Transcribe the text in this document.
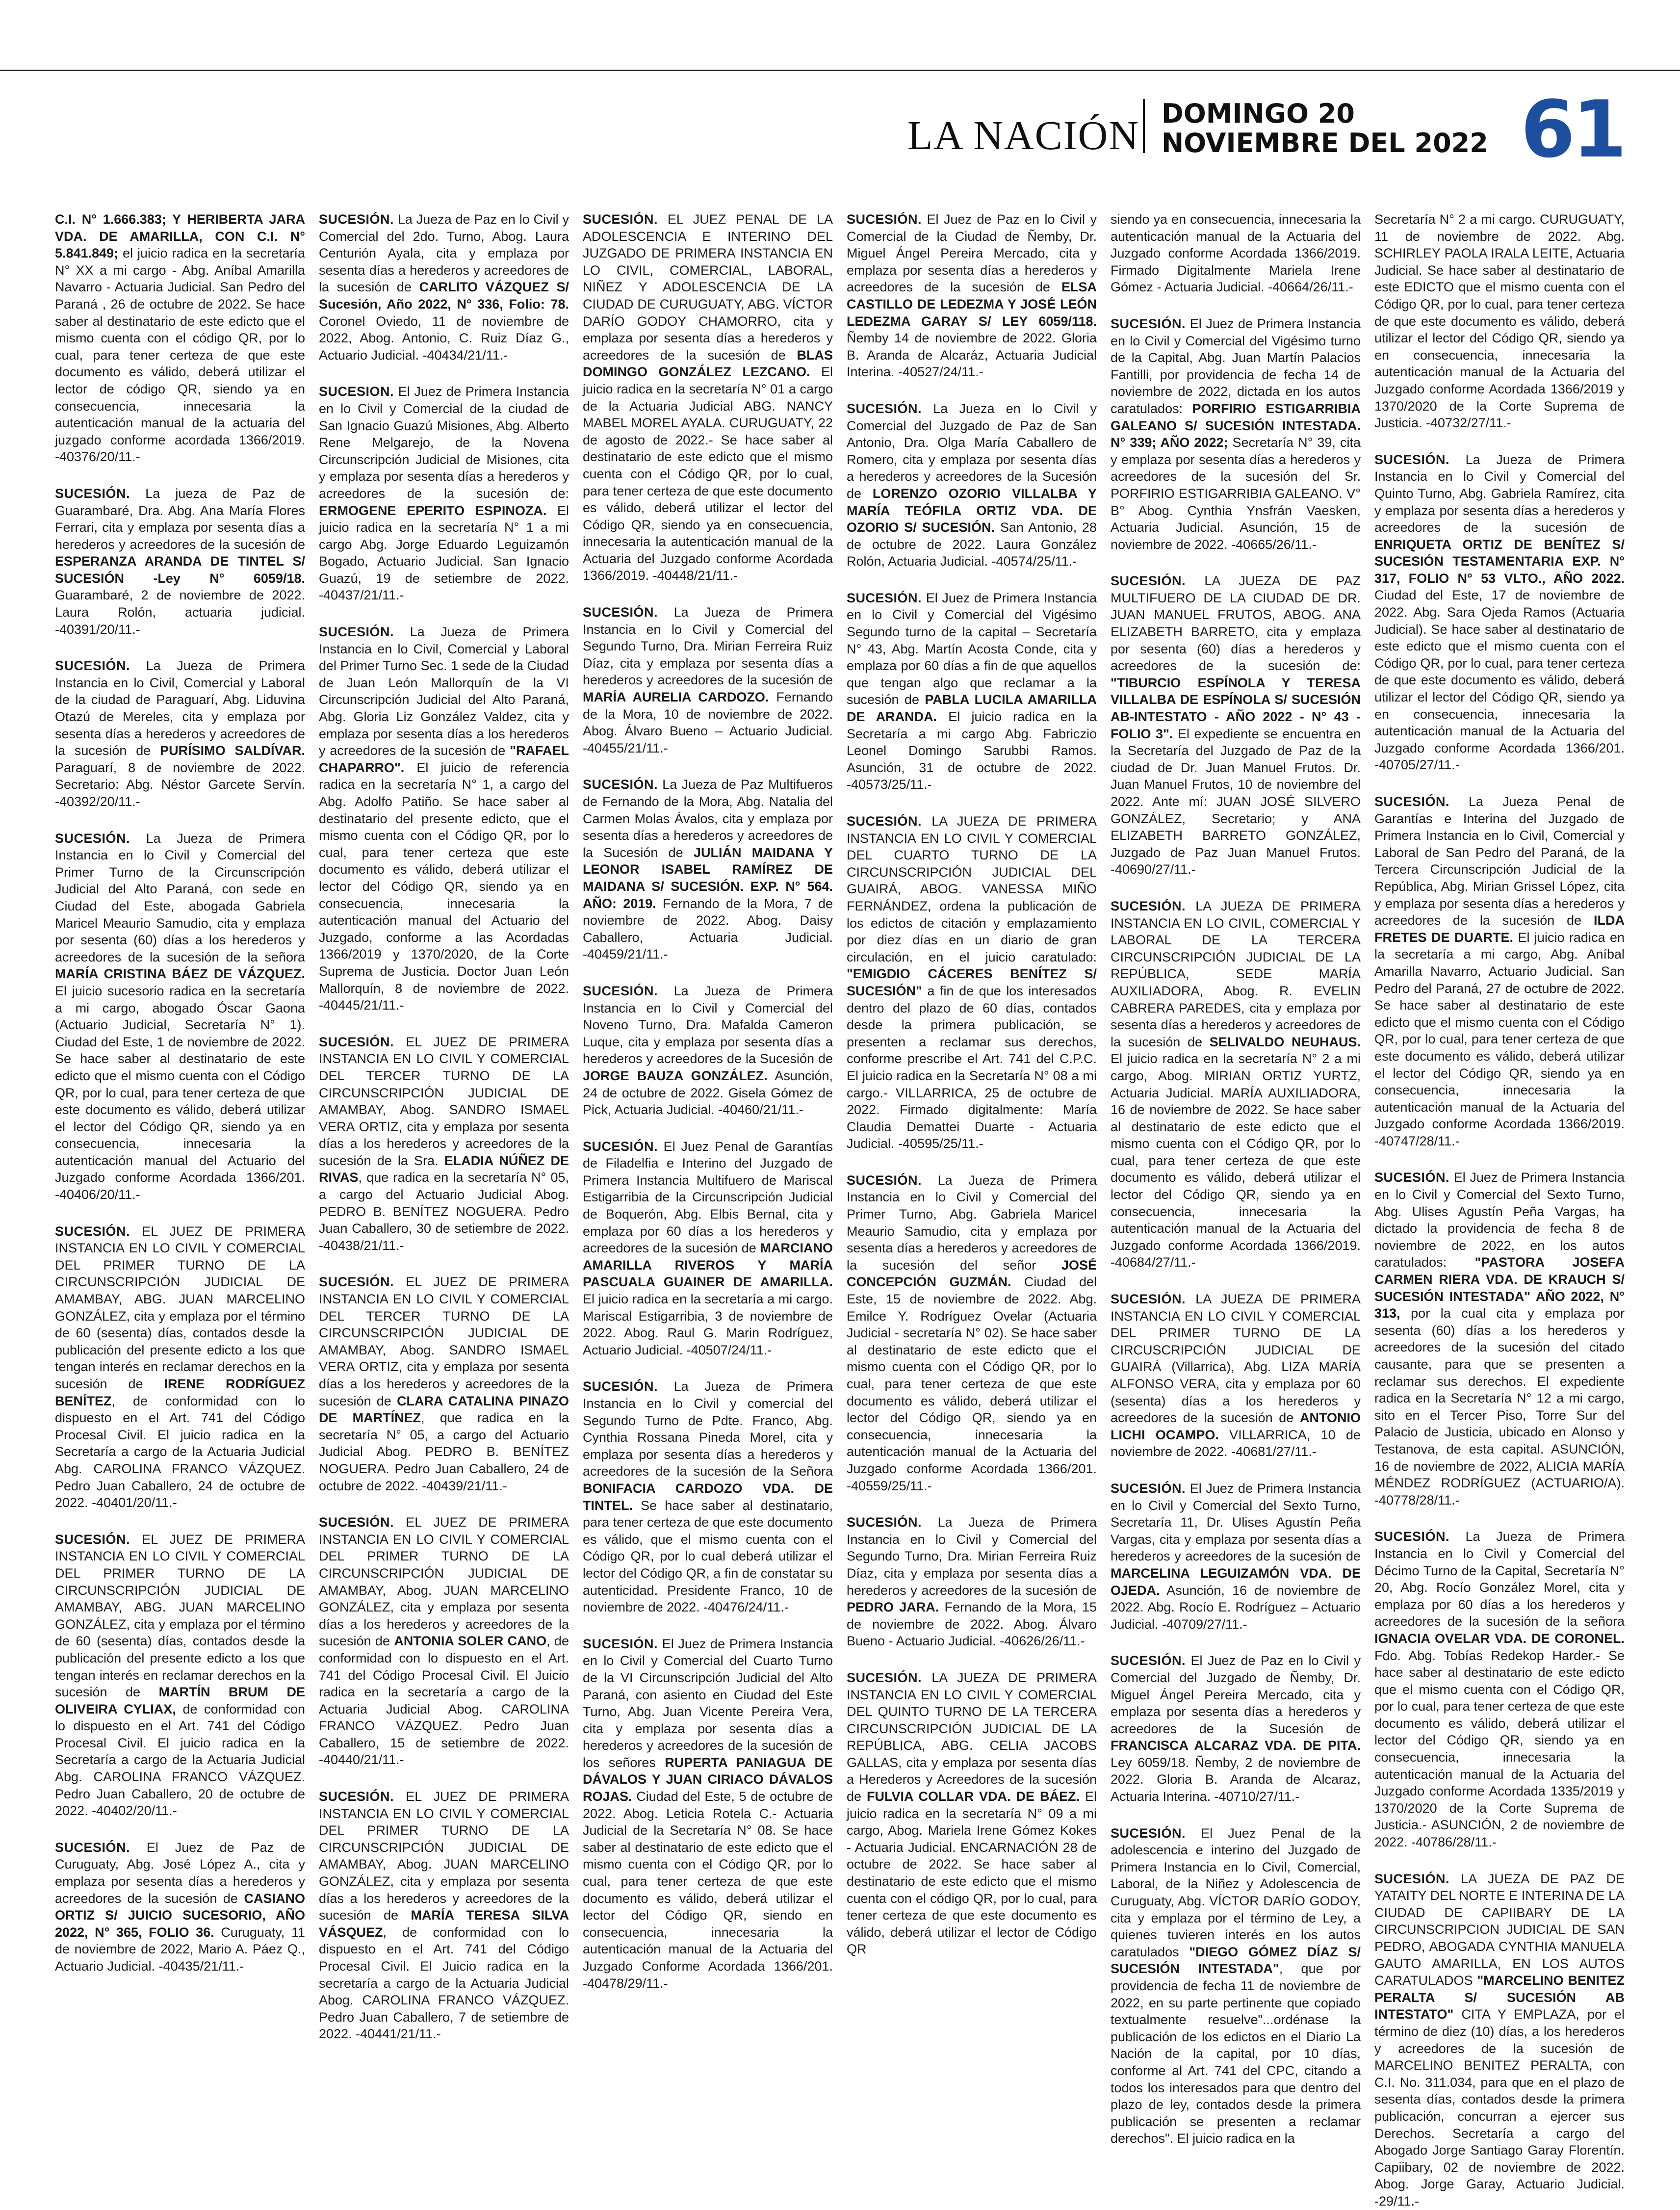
LA NACIÓN DOMINGO 20
NOVIEMBRE DEL 2022 61

C.I. N° 1.666.383; Y HERIBERTA JARA VDA. DE AMARILLA, CON C.I. N° 5.841.849; el juicio radica en la secretaría N° XX a mi cargo - Abg. Aníbal Amarilla Navarro - Actuaria Judicial. San Pedro del Paraná , 26 de octubre de 2022. Se hace saber al destinatario de este edicto que el mismo cuenta con el código QR, por lo cual, para tener certeza de que este documento es válido, deberá utilizar el lector de código QR, siendo ya en consecuencia, innecesaria la autenticación manual de la actuaria del juzgado conforme acordada 1366/2019. -40376/20/11.-

SUCESIÓN. La jueza de Paz de Guarambaré, Dra. Abg. Ana María Flores Ferrari, cita y emplaza por sesenta días a herederos y acreedores de la sucesión de ESPERANZA ARANDA DE TINTEL S/ SUCESIÓN -Ley N° 6059/18. Guarambaré, 2 de noviembre de 2022. Laura Rolón, actuaria judicial. -40391/20/11.-

SUCESIÓN. La Jueza de Primera Instancia en lo Civil, Comercial y Laboral de la ciudad de Paraguarí, Abg. Liduvina Otazú de Mereles, cita y emplaza por sesenta días a herederos y acreedores de la sucesión de PURÍSIMO SALDÍVAR. Paraguarí, 8 de noviembre de 2022. Secretario: Abg. Néstor Garcete Servín. -40392/20/11.-

SUCESIÓN. La Jueza de Primera Instancia en lo Civil y Comercial del Primer Turno de la Circunscripción Judicial del Alto Paraná, con sede en Ciudad del Este, abogada Gabriela Maricel Meaurio Samudio, cita y emplaza por sesenta (60) días a los herederos y acreedores de la sucesión de la señora MARÍA CRISTINA BÁEZ DE VÁZQUEZ. El juicio sucesorio radica en la secretaría a mi cargo, abogado Óscar Gaona (Actuario Judicial, Secretaría N° 1). Ciudad del Este, 1 de noviembre de 2022. Se hace saber al destinatario de este edicto que el mismo cuenta con el Código QR, por lo cual, para tener certeza de que este documento es válido, deberá utilizar el lector del Código QR, siendo ya en consecuencia, innecesaria la autenticación manual del Actuario del Juzgado conforme Acordada 1366/201. -40406/20/11.-

SUCESIÓN. EL JUEZ DE PRIMERA INSTANCIA EN LO CIVIL Y COMERCIAL DEL PRIMER TURNO DE LA CIRCUNSCRIPCIÓN JUDICIAL DE AMAMBAY, ABG. JUAN MARCELINO GONZÁLEZ, cita y emplaza por el término de 60 (sesenta) días, contados desde la publicación del presente edicto a los que tengan interés en reclamar derechos en la sucesión de IRENE RODRÍGUEZ BENÍTEZ, de conformidad con lo dispuesto en el Art. 741 del Código Procesal Civil. El juicio radica en la Secretaría a cargo de la Actuaria Judicial Abg. CAROLINA FRANCO VÁZQUEZ. Pedro Juan Caballero, 24 de octubre de 2022. -40401/20/11.-

SUCESIÓN. EL JUEZ DE PRIMERA INSTANCIA EN LO CIVIL Y COMERCIAL DEL PRIMER TURNO DE LA CIRCUNSCRIPCIÓN JUDICIAL DE AMAMBAY, ABG. JUAN MARCELINO GONZÁLEZ, cita y emplaza por el término de 60 (sesenta) días, contados desde la publicación del presente edicto a los que tengan interés en reclamar derechos en la sucesión de MARTÍN BRUM DE OLIVEIRA CYLIAX, de conformidad con lo dispuesto en el Art. 741 del Código Procesal Civil. El juicio radica en la Secretaría a cargo de la Actuaria Judicial Abg. CAROLINA FRANCO VÁZQUEZ. Pedro Juan Caballero, 20 de octubre de 2022. -40402/20/11.-

SUCESIÓN. El Juez de Paz de Curuguaty, Abg. José López A., cita y emplaza por sesenta días a herederos y acreedores de la sucesión de CASIANO ORTIZ S/ JUICIO SUCESORIO, AÑO 2022, N° 365, FOLIO 36. Curuguaty, 11 de noviembre de 2022, Mario A. Páez Q., Actuario Judicial. -40435/21/11.-

SUCESIÓN. La Jueza de Paz en lo Civil y Comercial del 2do. Turno, Abog. Laura Centurión Ayala, cita y emplaza por sesenta días a herederos y acreedores de la sucesión de CARLITO VÁZQUEZ S/ Sucesión, Año 2022, N° 336, Folio: 78. Coronel Oviedo, 11 de noviembre de 2022, Abog. Antonio, C. Ruiz Díaz G., Actuario Judicial. -40434/21/11.-

SUCESION. El Juez de Primera Instancia en lo Civil y Comercial de la ciudad de San Ignacio Guazú Misiones, Abg. Alberto Rene Melgarejo, de la Novena Circunscripción Judicial de Misiones, cita y emplaza por sesenta días a herederos y acreedores de la sucesión de: ERMOGENE EPERITO ESPINOZA. El juicio radica en la secretaría N° 1 a mi cargo Abg. Jorge Eduardo Leguizamón Bogado, Actuario Judicial. San Ignacio Guazú, 19 de setiembre de 2022. -40437/21/11.-

SUCESIÓN. La Jueza de Primera Instancia en lo Civil, Comercial y Laboral del Primer Turno Sec. 1 sede de la Ciudad de Juan León Mallorquín de la VI Circunscripción Judicial del Alto Paraná, Abg. Gloria Liz González Valdez, cita y emplaza por sesenta días a los herederos y acreedores de la sucesión de "RAFAEL CHAPARRO". El juicio de referencia radica en la secretaría N° 1, a cargo del Abg. Adolfo Patiño. Se hace saber al destinatario del presente edicto, que el mismo cuenta con el Código QR, por lo cual, para tener certeza que este documento es válido, deberá utilizar el lector del Código QR, siendo ya en consecuencia, innecesaria la autenticación manual del Actuario del Juzgado, conforme a las Acordadas 1366/2019 y 1370/2020, de la Corte Suprema de Justicia. Doctor Juan León Mallorquín, 8 de noviembre de 2022. -40445/21/11.-

SUCESIÓN. EL JUEZ DE PRIMERA INSTANCIA EN LO CIVIL Y COMERCIAL DEL TERCER TURNO DE LA CIRCUNSCRIPCIÓN JUDICIAL DE AMAMBAY, Abog. SANDRO ISMAEL VERA ORTIZ, cita y emplaza por sesenta días a los herederos y acreedores de la sucesión de la Sra. ELADIA NÚÑEZ DE RIVAS, que radica en la secretaría N° 05, a cargo del Actuario Judicial Abog. PEDRO B. BENÍTEZ NOGUERA. Pedro Juan Caballero, 30 de setiembre de 2022. -40438/21/11.-

SUCESIÓN. EL JUEZ DE PRIMERA INSTANCIA EN LO CIVIL Y COMERCIAL DEL TERCER TURNO DE LA CIRCUNSCRIPCIÓN JUDICIAL DE AMAMBAY, Abog. SANDRO ISMAEL VERA ORTIZ, cita y emplaza por sesenta días a los herederos y acreedores de la sucesión de CLARA CATALINA PINAZO DE MARTÍNEZ, que radica en la secretaría N° 05, a cargo del Actuario Judicial Abog. PEDRO B. BENÍTEZ NOGUERA. Pedro Juan Caballero, 24 de octubre de 2022. -40439/21/11.-

SUCESIÓN. EL JUEZ DE PRIMERA INSTANCIA EN LO CIVIL Y COMERCIAL DEL PRIMER TURNO DE LA CIRCUNSCRIPCIÓN JUDICIAL DE AMAMBAY, Abog. JUAN MARCELINO GONZÁLEZ, cita y emplaza por sesenta días a los herederos y acreedores de la sucesión de ANTONIA SOLER CANO, de conformidad con lo dispuesto en el Art. 741 del Código Procesal Civil. El Juicio radica en la secretaría a cargo de la Actuaria Judicial Abog. CAROLINA FRANCO VÁZQUEZ. Pedro Juan Caballero, 15 de setiembre de 2022. -40440/21/11.-

SUCESIÓN. EL JUEZ DE PRIMERA INSTANCIA EN LO CIVIL Y COMERCIAL DEL PRIMER TURNO DE LA CIRCUNSCRIPCIÓN JUDICIAL DE AMAMBAY, Abog. JUAN MARCELINO GONZÁLEZ, cita y emplaza por sesenta días a los herederos y acreedores de la sucesión de MARÍA TERESA SILVA VÁSQUEZ, de conformidad con lo dispuesto en el Art. 741 del Código Procesal Civil. El Juicio radica en la secretaría a cargo de la Actuaria Judicial Abog. CAROLINA FRANCO VÁZQUEZ. Pedro Juan Caballero, 7 de setiembre de 2022. -40441/21/11.-

SUCESIÓN. EL JUEZ PENAL DE LA ADOLESCENCIA E INTERINO DEL JUZGADO DE PRIMERA INSTANCIA EN LO CIVIL, COMERCIAL, LABORAL, NIÑEZ Y ADOLESCENCIA DE LA CIUDAD DE CURUGUATY, ABG. VÍCTOR DARÍO GODOY CHAMORRO, cita y emplaza por sesenta días a herederos y acreedores de la sucesión de BLAS DOMINGO GONZÁLEZ LEZCANO. El juicio radica en la secretaría N° 01 a cargo de la Actuaria Judicial ABG. NANCY MABEL MOREL AYALA. CURUGUATY, 22 de agosto de 2022.- Se hace saber al destinatario de este edicto que el mismo cuenta con el Código QR, por lo cual, para tener certeza de que este documento es válido, deberá utilizar el lector del Código QR, siendo ya en consecuencia, innecesaria la autenticación manual de la Actuaria del Juzgado conforme Acordada 1366/2019. -40448/21/11.-

SUCESIÓN. La Jueza de Primera Instancia en lo Civil y Comercial del Segundo Turno, Dra. Mirian Ferreira Ruiz Díaz, cita y emplaza por sesenta días a herederos y acreedores de la sucesión de MARÍA AURELIA CARDOZO. Fernando de la Mora, 10 de noviembre de 2022. Abog. Álvaro Bueno – Actuario Judicial. -40455/21/11.-

SUCESIÓN. La Jueza de Paz Multifueros de Fernando de la Mora, Abg. Natalia del Carmen Molas Ávalos, cita y emplaza por sesenta días a herederos y acreedores de la Sucesión de JULIÁN MAIDANA Y LEONOR ISABEL RAMÍREZ DE MAIDANA S/ SUCESIÓN. EXP. N° 564. AÑO: 2019. Fernando de la Mora, 7 de noviembre de 2022. Abog. Daisy Caballero, Actuaria Judicial. -40459/21/11.-

SUCESIÓN. La Jueza de Primera Instancia en lo Civil y Comercial del Noveno Turno, Dra. Mafalda Cameron Luque, cita y emplaza por sesenta días a herederos y acreedores de la Sucesión de JORGE BAUZA GONZÁLEZ. Asunción, 24 de octubre de 2022. Gisela Gómez de Pick, Actuaria Judicial. -40460/21/11.-

SUCESIÓN. El Juez Penal de Garantías de Filadelfia e Interino del Juzgado de Primera Instancia Multifuero de Mariscal Estigarribia de la Circunscripción Judicial de Boquerón, Abg. Elbis Bernal, cita y emplaza por 60 días a los herederos y acreedores de la sucesión de MARCIANO AMARILLA RIVEROS Y MARÍA PASCUALA GUAINER DE AMARILLA. El juicio radica en la secretaría a mi cargo. Mariscal Estigarribia, 3 de noviembre de 2022. Abog. Raul G. Marin Rodríguez, Actuario Judicial. -40507/24/11.-

SUCESIÓN. La Jueza de Primera Instancia en lo Civil y comercial del Segundo Turno de Pdte. Franco, Abg. Cynthia Rossana Pineda Morel, cita y emplaza por sesenta días a herederos y acreedores de la sucesión de la Señora BONIFACIA CARDOZO VDA. DE TINTEL. Se hace saber al destinatario, para tener certeza de que este documento es válido, que el mismo cuenta con el Código QR, por lo cual deberá utilizar el lector del Código QR, a fin de constatar su autenticidad. Presidente Franco, 10 de noviembre de 2022. -40476/24/11.-

SUCESIÓN. El Juez de Primera Instancia en lo Civil y Comercial del Cuarto Turno de la VI Circunscripción Judicial del Alto Paraná, con asiento en Ciudad del Este Turno, Abg. Juan Vicente Pereira Vera, cita y emplaza por sesenta días a herederos y acreedores de la sucesión de los señores RUPERTA PANIAGUA DE DÁVALOS Y JUAN CIRIACO DÁVALOS ROJAS. Ciudad del Este, 5 de octubre de 2022. Abog. Leticia Rotela C.- Actuaria Judicial de la Secretaría N° 08. Se hace saber al destinatario de este edicto que el mismo cuenta con el Código QR, por lo cual, para tener certeza de que este documento es válido, deberá utilizar el lector del Código QR, siendo en consecuencia, innecesaria la autenticación manual de la Actuaria del Juzgado Conforme Acordada 1366/201. -40478/29/11.-

SUCESIÓN. El Juez de Paz en lo Civil y Comercial de la Ciudad de Ñemby, Dr. Miguel Ángel Pereira Mercado, cita y emplaza por sesenta días a herederos y acreedores de la sucesión de ELSA CASTILLO DE LEDEZMA Y JOSÉ LEÓN LEDEZMA GARAY S/ LEY 6059/118. Ñemby 14 de noviembre de 2022. Gloria B. Aranda de Alcaráz, Actuaria Judicial Interina. -40527/24/11.-

SUCESIÓN. La Jueza en lo Civil y Comercial del Juzgado de Paz de San Antonio, Dra. Olga María Caballero de Romero, cita y emplaza por sesenta días a herederos y acreedores de la Sucesión de LORENZO OZORIO VILLALBA Y MARÍA TEÓFILA ORTIZ VDA. DE OZORIO S/ SUCESIÓN. San Antonio, 28 de octubre de 2022. Laura González Rolón, Actuaria Judicial. -40574/25/11.-

SUCESIÓN. El Juez de Primera Instancia en lo Civil y Comercial del Vigésimo Segundo turno de la capital – Secretaría N° 43, Abg. Martín Acosta Conde, cita y emplaza por 60 días a fin de que aquellos que tengan algo que reclamar a la sucesión de PABLA LUCILA AMARILLA DE ARANDA. El juicio radica en la Secretaría a mi cargo Abg. Fabriczio Leonel Domingo Sarubbi Ramos. Asunción, 31 de octubre de 2022. -40573/25/11.-

SUCESIÓN. LA JUEZA DE PRIMERA INSTANCIA EN LO CIVIL Y COMERCIAL DEL CUARTO TURNO DE LA CIRCUNSCRIPCIÓN JUDICIAL DEL GUAIRÁ, ABOG. VANESSA MIÑO FERNÁNDEZ, ordena la publicación de los edictos de citación y emplazamiento por diez días en un diario de gran circulación, en el juicio caratulado: "EMIGDIO CÁCERES BENÍTEZ S/ SUCESIÓN" a fin de que los interesados dentro del plazo de 60 días, contados desde la primera publicación, se presenten a reclamar sus derechos, conforme prescribe el Art. 741 del C.P.C. El juicio radica en la Secretaría N° 08 a mi cargo.- VILLARRICA, 25 de octubre de 2022. Firmado digitalmente: María Claudia Demattei Duarte - Actuaria Judicial. -40595/25/11.-

SUCESIÓN. La Jueza de Primera Instancia en lo Civil y Comercial del Primer Turno, Abg. Gabriela Maricel Meaurio Samudio, cita y emplaza por sesenta días a herederos y acreedores de la sucesión del señor JOSÉ CONCEPCIÓN GUZMÁN. Ciudad del Este, 15 de noviembre de 2022. Abg. Emilce Y. Rodríguez Ovelar (Actuaria Judicial - secretaría N° 02). Se hace saber al destinatario de este edicto que el mismo cuenta con el Código QR, por lo cual, para tener certeza de que este documento es válido, deberá utilizar el lector del Código QR, siendo ya en consecuencia, innecesaria la autenticación manual de la Actuaria del Juzgado conforme Acordada 1366/201. -40559/25/11.-

SUCESIÓN. La Jueza de Primera Instancia en lo Civil y Comercial del Segundo Turno, Dra. Mirian Ferreira Ruiz Díaz, cita y emplaza por sesenta días a herederos y acreedores de la sucesión de PEDRO JARA. Fernando de la Mora, 15 de noviembre de 2022. Abog. Álvaro Bueno - Actuario Judicial. -40626/26/11.-

SUCESIÓN. LA JUEZA DE PRIMERA INSTANCIA EN LO CIVIL Y COMERCIAL DEL QUINTO TURNO DE LA TERCERA CIRCUNSCRIPCIÓN JUDICIAL DE LA REPÚBLICA, ABG. CELIA JACOBS GALLAS, cita y emplaza por sesenta días a Herederos y Acreedores de la sucesión de FULVIA COLLAR VDA. DE BÁEZ. El juicio radica en la secretaría N° 09 a mi cargo, Abog. Mariela Irene Gómez Kokes - Actuaria Judicial. ENCARNACIÓN 28 de octubre de 2022. Se hace saber al destinatario de este edicto que el mismo cuenta con el código QR, por lo cual, para tener certeza de que este documento es válido, deberá utilizar el lector de Código QR

siendo ya en consecuencia, innecesaria la autenticación manual de la Actuaria del Juzgado conforme Acordada 1366/2019. Firmado Digitalmente Mariela Irene Gómez - Actuaria Judicial. -40664/26/11.-

SUCESIÓN. El Juez de Primera Instancia en lo Civil y Comercial del Vigésimo turno de la Capital, Abg. Juan Martín Palacios Fantilli, por providencia de fecha 14 de noviembre de 2022, dictada en los autos caratulados: PORFIRIO ESTIGARRIBIA GALEANO S/ SUCESIÓN INTESTADA. N° 339; AÑO 2022; Secretaría N° 39, cita y emplaza por sesenta días a herederos y acreedores de la sucesión del Sr. PORFIRIO ESTIGARRIBIA GALEANO. V° B° Abog. Cynthia Ynsfrán Vaesken, Actuaria Judicial. Asunción, 15 de noviembre de 2022. -40665/26/11.-

SUCESIÓN. LA JUEZA DE PAZ MULTIFUERO DE LA CIUDAD DE DR. JUAN MANUEL FRUTOS, ABOG. ANA ELIZABETH BARRETO, cita y emplaza por sesenta (60) días a herederos y acreedores de la sucesión de: "TIBURCIO ESPÍNOLA Y TERESA VILLALBA DE ESPÍNOLA S/ SUCESIÓN AB-INTESTATO - AÑO 2022 - N° 43 - FOLIO 3". El expediente se encuentra en la Secretaría del Juzgado de Paz de la ciudad de Dr. Juan Manuel Frutos. Dr. Juan Manuel Frutos, 10 de noviembre del 2022. Ante mí: JUAN JOSÉ SILVERO GONZÁLEZ, Secretario; y ANA ELIZABETH BARRETO GONZÁLEZ, Juzgado de Paz Juan Manuel Frutos. -40690/27/11.-

SUCESIÓN. LA JUEZA DE PRIMERA INSTANCIA EN LO CIVIL, COMERCIAL Y LABORAL DE LA TERCERA CIRCUNSCRIPCIÓN JUDICIAL DE LA REPÚBLICA, SEDE MARÍA AUXILIADORA, Abog. R. EVELIN CABRERA PAREDES, cita y emplaza por sesenta días a herederos y acreedores de la sucesión de SELIVALDO NEUHAUS. El juicio radica en la secretaría N° 2 a mi cargo, Abog. MIRIAN ORTIZ YURTZ, Actuaria Judicial. MARÍA AUXILIADORA, 16 de noviembre de 2022. Se hace saber al destinatario de este edicto que el mismo cuenta con el Código QR, por lo cual, para tener certeza de que este documento es válido, deberá utilizar el lector del Código QR, siendo ya en consecuencia, innecesaria la autenticación manual de la Actuaria del Juzgado conforme Acordada 1366/2019. -40684/27/11.-

SUCESIÓN. LA JUEZA DE PRIMERA INSTANCIA EN LO CIVIL Y COMERCIAL DEL PRIMER TURNO DE LA CIRCUSCRIPCIÓN JUDICIAL DE GUAIRÁ (Villarrica), Abg. LIZA MARÍA ALFONSO VERA, cita y emplaza por 60 (sesenta) días a los herederos y acreedores de la sucesión de ANTONIO LICHI OCAMPO. VILLARRICA, 10 de noviembre de 2022. -40681/27/11.-

SUCESIÓN. El Juez de Primera Instancia en lo Civil y Comercial del Sexto Turno, Secretaría 11, Dr. Ulises Agustín Peña Vargas, cita y emplaza por sesenta días a herederos y acreedores de la sucesión de MARCELINA LEGUIZAMÓN VDA. DE OJEDA. Asunción, 16 de noviembre de 2022. Abg. Rocío E. Rodríguez – Actuario Judicial. -40709/27/11.-

SUCESIÓN. El Juez de Paz en lo Civil y Comercial del Juzgado de Ñemby, Dr. Miguel Ángel Pereira Mercado, cita y emplaza por sesenta días a herederos y acreedores de la Sucesión de FRANCISCA ALCARAZ VDA. DE PITA. Ley 6059/18. Ñemby, 2 de noviembre de 2022. Gloria B. Aranda de Alcaraz, Actuaria Interina. -40710/27/11.-

SUCESIÓN. El Juez Penal de la adolescencia e interino del Juzgado de Primera Instancia en lo Civil, Comercial, Laboral, de la Niñez y Adolescencia de Curuguaty, Abg. VÍCTOR DARÍO GODOY, cita y emplaza por el término de Ley, a quienes tuvieren interés en los autos caratulados "DIEGO GÓMEZ DÍAZ S/ SUCESIÓN INTESTADA", que por providencia de fecha 11 de noviembre de 2022, en su parte pertinente que copiado textualmente resuelve"...ordénase la publicación de los edictos en el Diario La Nación de la capital, por 10 días, conforme al Art. 741 del CPC, citando a todos los interesados para que dentro del plazo de ley, contados desde la primera publicación se presenten a reclamar derechos". El juicio radica en la

Secretaría N° 2 a mi cargo. CURUGUATY, 11 de noviembre de 2022. Abg. SCHIRLEY PAOLA IRALA LEITE, Actuaria Judicial. Se hace saber al destinatario de este EDICTO que el mismo cuenta con el Código QR, por lo cual, para tener certeza de que este documento es válido, deberá utilizar el lector del Código QR, siendo ya en consecuencia, innecesaria la autenticación manual de la Actuaria del Juzgado conforme Acordada 1366/2019 y 1370/2020 de la Corte Suprema de Justicia. -40732/27/11.-

SUCESIÓN. La Jueza de Primera Instancia en lo Civil y Comercial del Quinto Turno, Abg. Gabriela Ramírez, cita y emplaza por sesenta días a herederos y acreedores de la sucesión de ENRIQUETA ORTIZ DE BENÍTEZ S/ SUCESIÓN TESTAMENTARIA EXP. N° 317, FOLIO N° 53 VLTO., AÑO 2022. Ciudad del Este, 17 de noviembre de 2022. Abg. Sara Ojeda Ramos (Actuaria Judicial). Se hace saber al destinatario de este edicto que el mismo cuenta con el Código QR, por lo cual, para tener certeza de que este documento es válido, deberá utilizar el lector del Código QR, siendo ya en consecuencia, innecesaria la autenticación manual de la Actuaria del Juzgado conforme Acordada 1366/201. -40705/27/11.-

SUCESIÓN. La Jueza Penal de Garantías e Interina del Juzgado de Primera Instancia en lo Civil, Comercial y Laboral de San Pedro del Paraná, de la Tercera Circunscripción Judicial de la República, Abg. Mirian Grissel López, cita y emplaza por sesenta días a herederos y acreedores de la sucesión de ILDA FRETES DE DUARTE. El juicio radica en la secretaría a mi cargo, Abg. Aníbal Amarilla Navarro, Actuario Judicial. San Pedro del Paraná, 27 de octubre de 2022. Se hace saber al destinatario de este edicto que el mismo cuenta con el Código QR, por lo cual, para tener certeza de que este documento es válido, deberá utilizar el lector del Código QR, siendo ya en consecuencia, innecesaria la autenticación manual de la Actuaria del Juzgado conforme Acordada 1366/2019. -40747/28/11.-

SUCESIÓN. El Juez de Primera Instancia en lo Civil y Comercial del Sexto Turno, Abg. Ulises Agustín Peña Vargas, ha dictado la providencia de fecha 8 de noviembre de 2022, en los autos caratulados: "PASTORA JOSEFA CARMEN RIERA VDA. DE KRAUCH S/ SUCESIÓN INTESTADA" AÑO 2022, N° 313, por la cual cita y emplaza por sesenta (60) días a los herederos y acreedores de la sucesión del citado causante, para que se presenten a reclamar sus derechos. El expediente radica en la Secretaría N° 12 a mi cargo, sito en el Tercer Piso, Torre Sur del Palacio de Justicia, ubicado en Alonso y Testanova, de esta capital. ASUNCIÓN, 16 de noviembre de 2022, ALICIA MARÍA MÉNDEZ RODRÍGUEZ (ACTUARIO/A). -40778/28/11.-

SUCESIÓN. La Jueza de Primera Instancia en lo Civil y Comercial del Décimo Turno de la Capital, Secretaría N° 20, Abg. Rocío González Morel, cita y emplaza por 60 días a los herederos y acreedores de la sucesión de la señora IGNACIA OVELAR VDA. DE CORONEL. Fdo. Abg. Tobías Redekop Harder.- Se hace saber al destinatario de este edicto que el mismo cuenta con el Código QR, por lo cual, para tener certeza de que este documento es válido, deberá utilizar el lector del Código QR, siendo ya en consecuencia, innecesaria la autenticación manual de la Actuaria del Juzgado conforme Acordada 1335/2019 y 1370/2020 de la Corte Suprema de Justicia.- ASUNCIÓN, 2 de noviembre de 2022. -40786/28/11.-

SUCESIÓN. LA JUEZA DE PAZ DE YATAITY DEL NORTE E INTERINA DE LA CIUDAD DE CAPIIBARY DE LA CIRCUNSCRIPCION JUDICIAL DE SAN PEDRO, ABOGADA CYNTHIA MANUELA GAUTO AMARILLA, EN LOS AUTOS CARATULADOS "MARCELINO BENITEZ PERALTA S/ SUCESIÓN AB INTESTATO" CITA Y EMPLAZA, por el término de diez (10) días, a los herederos y acreedores de la sucesión de MARCELINO BENITEZ PERALTA, con C.I. No. 311.034, para que en el plazo de sesenta días, contados desde la primera publicación, concurran a ejercer sus Derechos. Secretaría a cargo del Abogado Jorge Santiago Garay Florentín. Capiibary, 02 de noviembre de 2022. Abog. Jorge Garay, Actuario Judicial. -29/11.-
